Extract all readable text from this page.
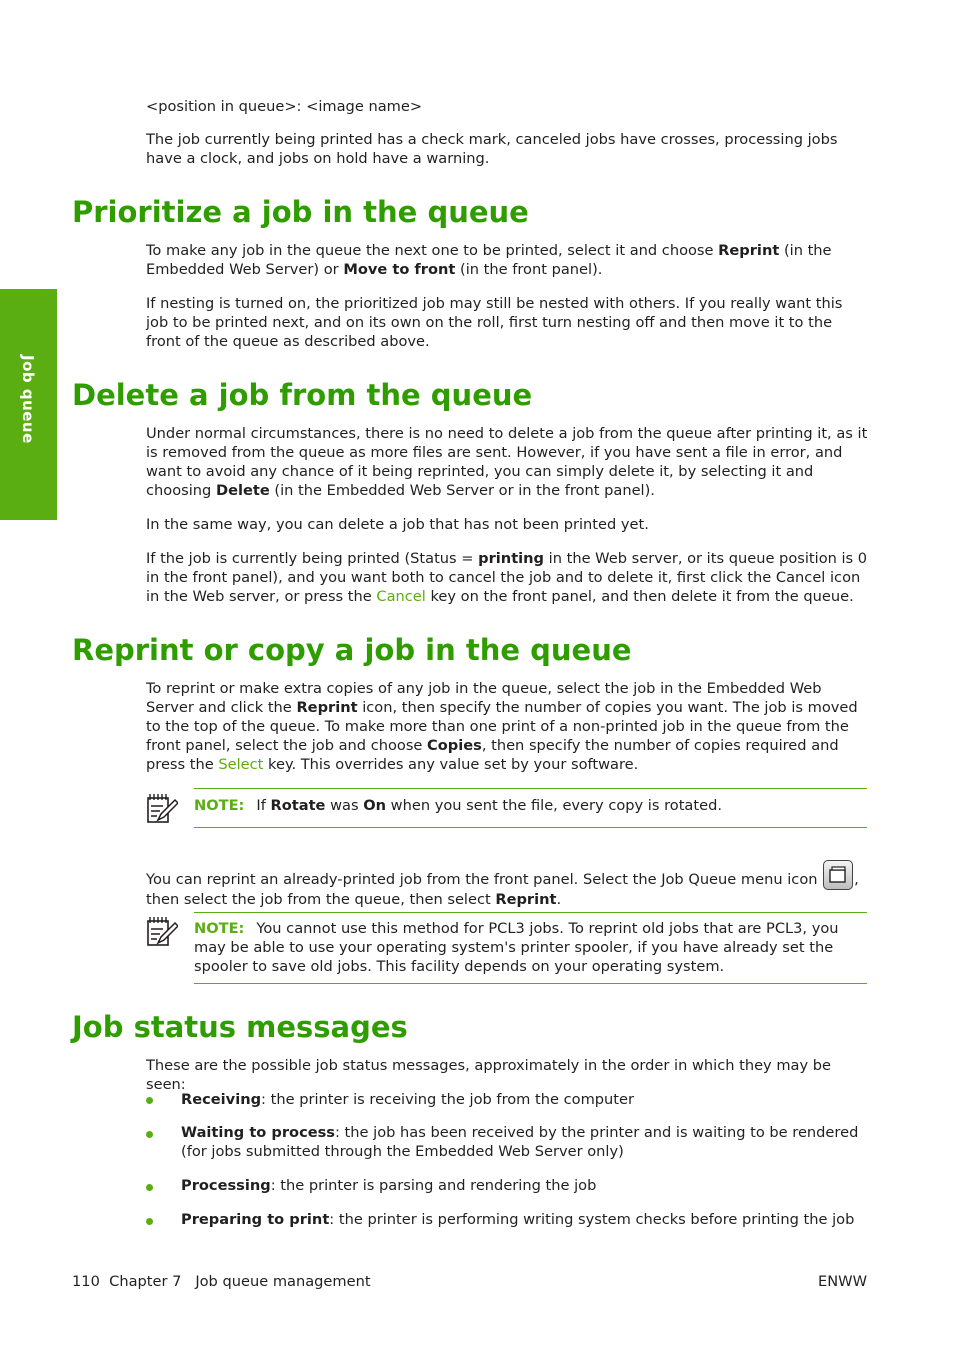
Job queue

<position in queue>: <image name>

The job currently being printed has a check mark, canceled jobs have crosses, processing jobs have a clock, and jobs on hold have a warning.

Prioritize a job in the queue

To make any job in the queue the next one to be printed, select it and choose Reprint (in the Embedded Web Server) or Move to front (in the front panel).

If nesting is turned on, the prioritized job may still be nested with others. If you really want this job to be printed next, and on its own on the roll, first turn nesting off and then move it to the front of the queue as described above.

Delete a job from the queue

Under normal circumstances, there is no need to delete a job from the queue after printing it, as it is removed from the queue as more files are sent. However, if you have sent a file in error, and want to avoid any chance of it being reprinted, you can simply delete it, by selecting it and choosing Delete (in the Embedded Web Server or in the front panel).

In the same way, you can delete a job that has not been printed yet.

If the job is currently being printed (Status = printing in the Web server, or its queue position is 0 in the front panel), and you want both to cancel the job and to delete it, first click the Cancel icon in the Web server, or press the Cancel key on the front panel, and then delete it from the queue.

Reprint or copy a job in the queue

To reprint or make extra copies of any job in the queue, select the job in the Embedded Web Server and click the Reprint icon, then specify the number of copies you want. The job is moved to the top of the queue. To make more than one print of a non-printed job in the queue from the front panel, select the job and choose Copies, then specify the number of copies required and press the Select key. This overrides any value set by your software.

NOTE: If Rotate was On when you sent the file, every copy is rotated.

You can reprint an already-printed job from the front panel. Select the Job Queue menu icon
, then select the job from the queue, then select Reprint.

NOTE: You cannot use this method for PCL3 jobs. To reprint old jobs that are PCL3, you may be able to use your operating system's printer spooler, if you have already set the spooler to save old jobs. This facility depends on your operating system.

Job status messages

These are the possible job status messages, approximately in the order in which they may be seen:

Receiving: the printer is receiving the job from the computer

Waiting to process: the job has been received by the printer and is waiting to be rendered (for jobs submitted through the Embedded Web Server only)

Processing: the printer is parsing and rendering the job

Preparing to print: the printer is performing writing system checks before printing the job

110  Chapter 7   Job queue management	ENWW
